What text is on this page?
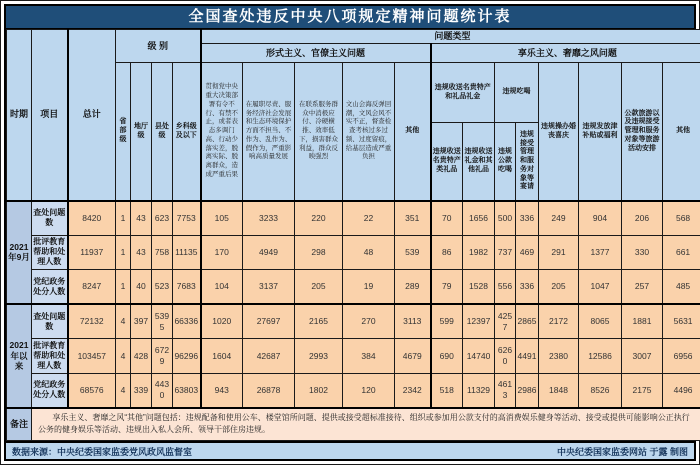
全国查处违反中央八项规定精神问题统计表
时期	项目	总计	级 别				问题类型												
							形式主义、官僚主义问题					享乐主义、奢靡之风问题							
			省部级	地厅级	县处级	乡科级及以下	贯彻党中央重大决策部署有令不行、有禁不止，或者表态多调门高、行动少落实差，脱离实际、脱离群众，造成严重后果	在履职尽责、服务经济社会发展和生态环境保护方面不担当、不作为、乱作为、假作为，严重影响高质量发展	在联系服务群众中消极应付、冷硬横推、效率低下，损害群众利益，群众反映强烈	文山会海反弹回潮，文风会风不实不正，督查检查考核过多过频、过度留痕，给基层造成严重负担	其他	违规收送名贵特产和礼品礼金		违规吃喝		违规操办婚丧喜庆	违规发放津补贴或福利	公款旅游以及违规接受管理和服务对象等旅游活动安排	其他
												违规收送名贵特产类礼品	违规收送礼金和其他礼品	违规公款吃喝	违规接受管理和服务对象等宴请				
2021年9月	查处问题数	8420	1	43	623	7753	105	3233	220	22	351	70	1656	500	336	249	904	206	568
	批评教育帮助和处理人数	11937	1	43	758	11135	170	4949	298	48	539	86	1982	737	469	291	1377	330	661
	党纪政务处分人数	8247	1	40	523	7683	104	3137	205	19	289	79	1528	556	336	205	1047	257	485
2021年以来	查处问题数	72132	4	397	5395	66336	1020	27697	2165	270	3113	599	12397	4257	2865	2172	8065	1881	5631
	批评教育帮助和处理人数	103457	4	428	6729	96296	1604	42687	2993	384	4679	690	14740	6260	4491	2380	12586	3007	6956
	党纪政务处分人数	68576	4	339	4430	63803	943	26878	1802	120	2342	518	11329	4613	2986	1848	8526	2175	4496
备注	享乐主义、奢靡之风“其他”问题包括：违规配备和使用公车、楼堂馆所问题、提供或接受超标准接待、组织或参加用公款支付的高消费娱乐健身等活动、接受或提供可能影响公正执行公务的健身娱乐等活动、违规出入私人会所、领导干部住房违规。																		
数据来源：中央纪委国家监委党风政风监督室	中央纪委国家监委网站 于露 制图
